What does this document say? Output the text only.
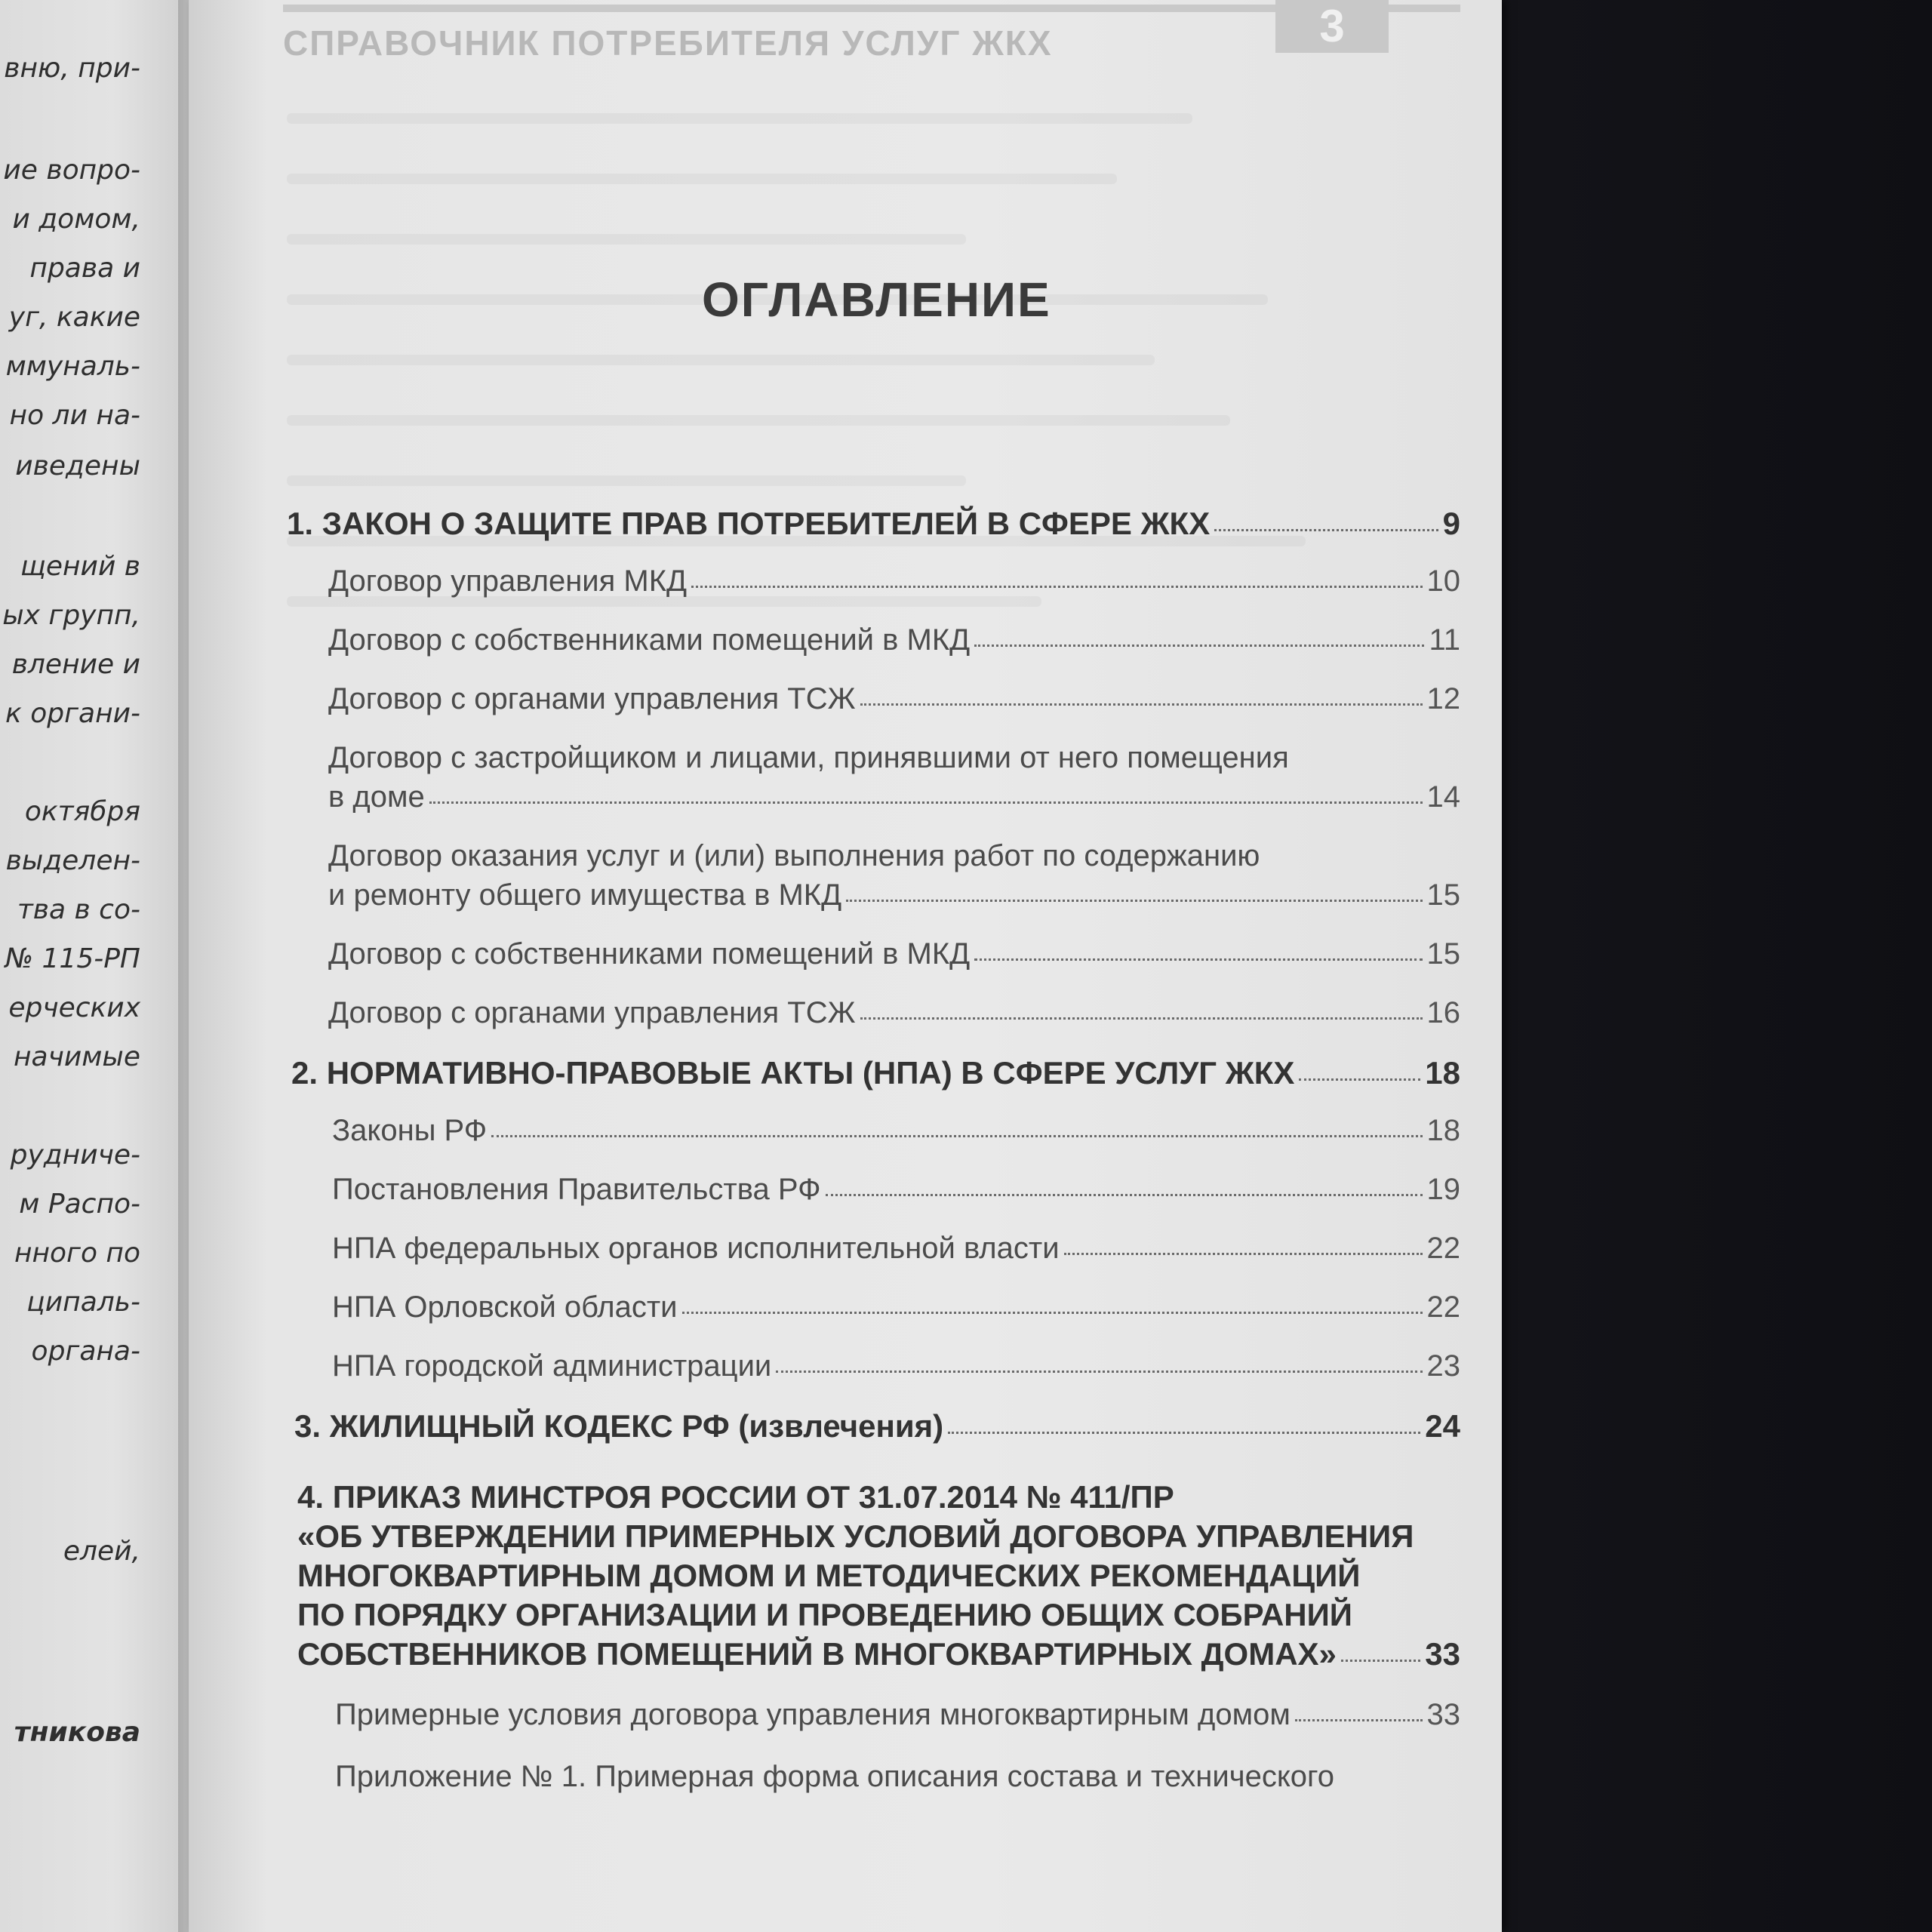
вню, при-
ие вопро-
и домом,
права и
уг, какие
ммуналь-
но ли на-
иведены
щений в
ых групп,
вление и
к органи-
октября
выделен-
тва в со-
№ 115-РП
ерческих
начимые
рудниче-
м Распо-
нного по
ципаль-
органа-
елей,
тникова
СПРАВОЧНИК ПОТРЕБИТЕЛЯ УСЛУГ ЖКХ	3
ОГЛАВЛЕНИЕ
1. ЗАКОН О ЗАЩИТЕ ПРАВ ПОТРЕБИТЕЛЕЙ В СФЕРЕ ЖКХ	9
Договор управления МКД	10
Договор с собственниками помещений в МКД	11
Договор с органами управления ТСЖ	12
Договор с застройщиком и лицами, принявшими от него помещения
в доме	14
Договор оказания услуг и (или) выполнения работ по содержанию
и ремонту общего имущества в МКД	15
Договор с собственниками помещений в МКД	15
Договор с органами управления ТСЖ	16
2. НОРМАТИВНО-ПРАВОВЫЕ АКТЫ (НПА) В СФЕРЕ УСЛУГ ЖКХ	18
Законы РФ	18
Постановления Правительства РФ	19
НПА федеральных органов исполнительной власти	22
НПА Орловской области	22
НПА городской администрации	23
3. ЖИЛИЩНЫЙ КОДЕКС РФ (извлечения)	24
4. ПРИКАЗ МИНСТРОЯ РОССИИ ОТ 31.07.2014 № 411/ПР
«ОБ УТВЕРЖДЕНИИ ПРИМЕРНЫХ УСЛОВИЙ ДОГОВОРА УПРАВЛЕНИЯ
МНОГОКВАРТИРНЫМ ДОМОМ И МЕТОДИЧЕСКИХ РЕКОМЕНДАЦИЙ
ПО ПОРЯДКУ ОРГАНИЗАЦИИ И ПРОВЕДЕНИЮ ОБЩИХ СОБРАНИЙ
СОБСТВЕННИКОВ ПОМЕЩЕНИЙ В МНОГОКВАРТИРНЫХ ДОМАХ»	33
Примерные условия договора управления многоквартирным домом	33
Приложение № 1. Примерная форма описания состава и технического
